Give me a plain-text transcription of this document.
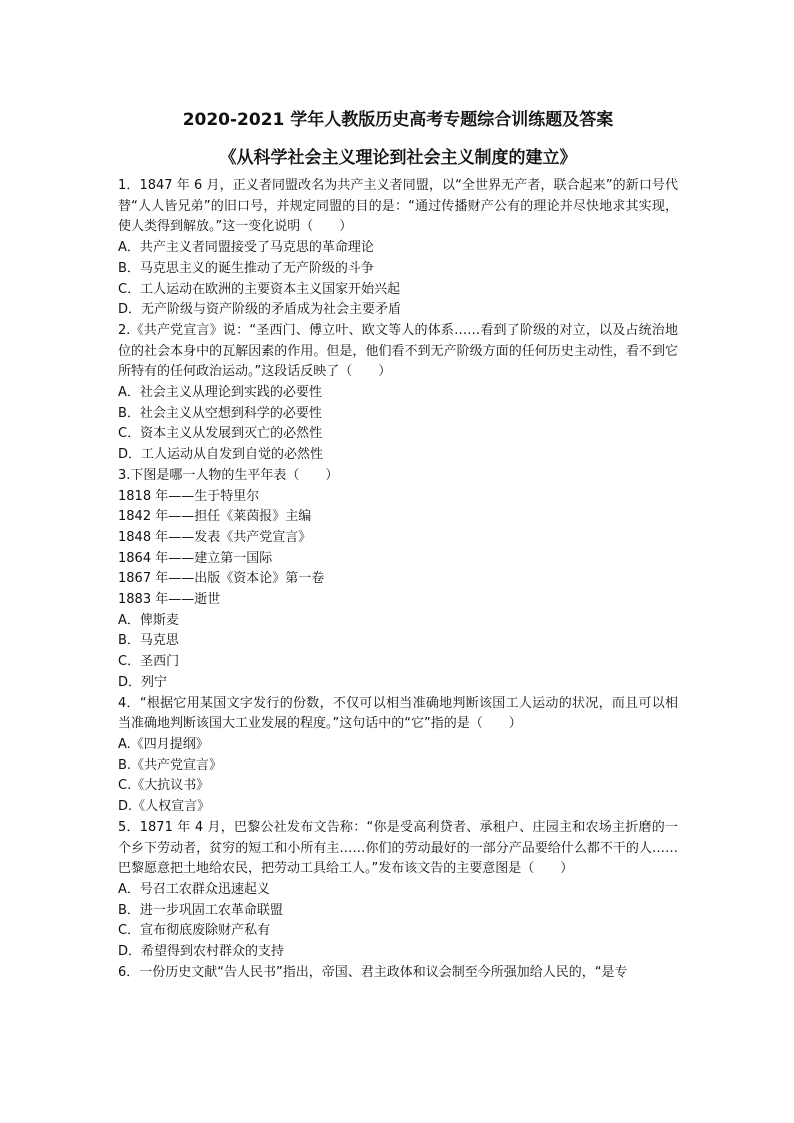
2020-2021 学年人教版历史高考专题综合训练题及答案
《从科学社会主义理论到社会主义制度的建立》
1．1847 年 6 月，正义者同盟改名为共产主义者同盟，以“全世界无产者，联合起来”的新口号代替“人人皆兄弟”的旧口号，并规定同盟的目的是：“通过传播财产公有的理论并尽快地求其实现，使人类得到解放。”这一变化说明（　　）
A．共产主义者同盟接受了马克思的革命理论
B．马克思主义的诞生推动了无产阶级的斗争
C．工人运动在欧洲的主要资本主义国家开始兴起
D．无产阶级与资产阶级的矛盾成为社会主要矛盾
2.《共产党宣言》说：“圣西门、傅立叶、欧文等人的体系……看到了阶级的对立，以及占统治地位的社会本身中的瓦解因素的作用。但是，他们看不到无产阶级方面的任何历史主动性，看不到它所特有的任何政治运动。”这段话反映了（　　）
A．社会主义从理论到实践的必要性
B．社会主义从空想到科学的必要性
C．资本主义从发展到灭亡的必然性
D．工人运动从自发到自觉的必然性
3.下图是哪一人物的生平年表（　　）
1818 年——生于特里尔
1842 年——担任《莱茵报》主编
1848 年——发表《共产党宣言》
1864 年——建立第一国际
1867 年——出版《资本论》第一卷
1883 年——逝世
A．俾斯麦
B．马克思
C．圣西门
D．列宁
4．“根据它用某国文字发行的份数，不仅可以相当准确地判断该国工人运动的状况，而且可以相当准确地判断该国大工业发展的程度。”这句话中的“它”指的是（　　）
A.《四月提纲》
B.《共产党宣言》
C.《大抗议书》
D.《人权宣言》
5．1871 年 4 月，巴黎公社发布文告称：“你是受高利贷者、承租户、庄园主和农场主折磨的一个乡下劳动者，贫穷的短工和小所有主……你们的劳动最好的一部分产品要给什么都不干的人……巴黎愿意把土地给农民，把劳动工具给工人。”发布该文告的主要意图是（　　）
A．号召工农群众迅速起义
B．进一步巩固工农革命联盟
C．宣布彻底废除财产私有
D．希望得到农村群众的支持
6．一份历史文献“告人民书”指出，帝国、君主政体和议会制至今所强加给人民的，“是专
